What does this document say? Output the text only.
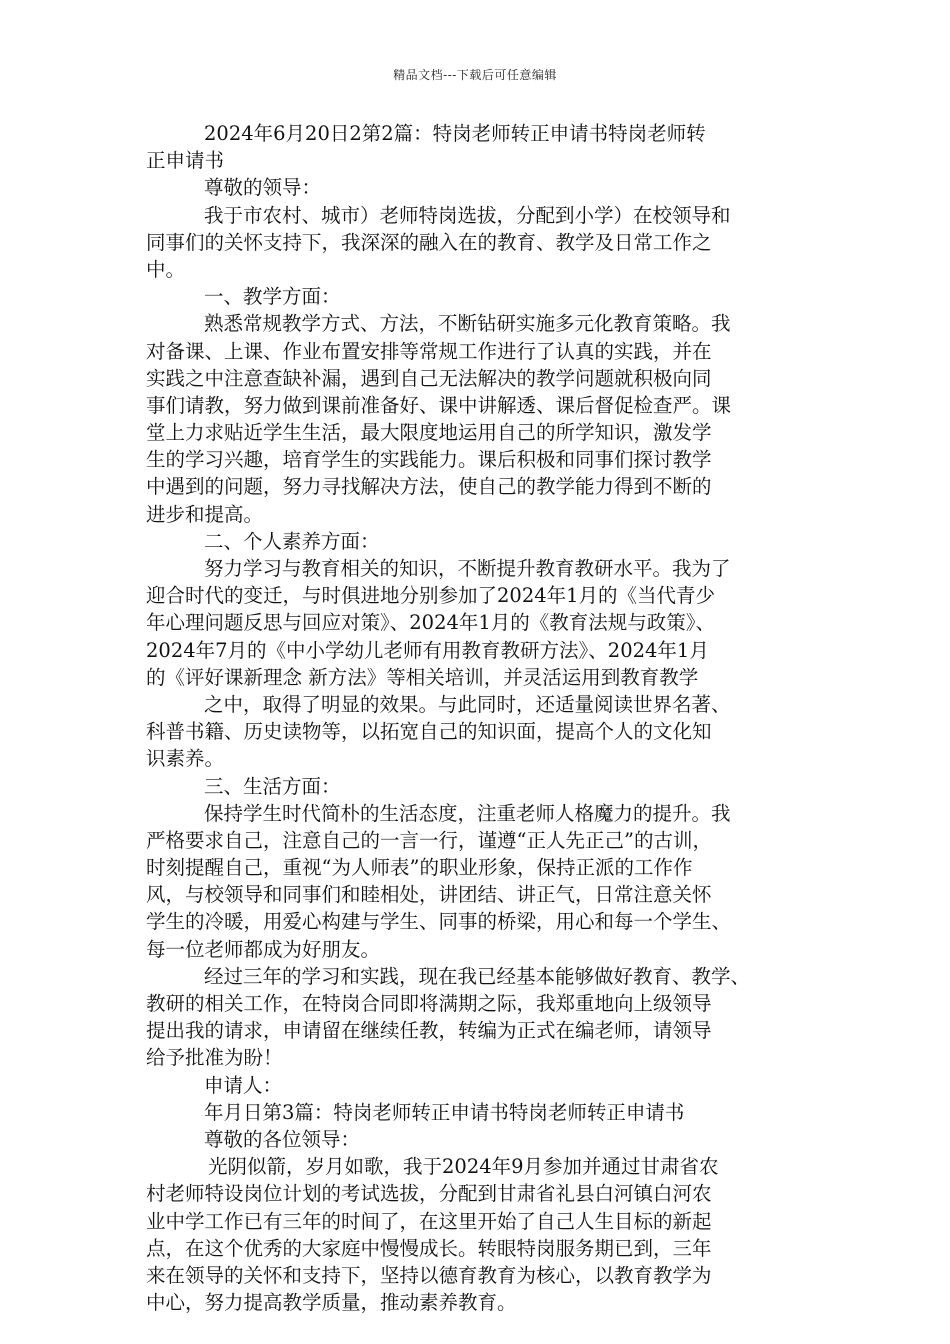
精品文档---下载后可任意编辑
2024年6月20日2第2篇：特岗老师转正申请书特岗老师转
正申请书
尊敬的领导：
我于市农村、城市）老师特岗选拔，分配到小学）在校领导和
同事们的关怀支持下，我深深的融入在的教育、教学及日常工作之
中。
一、教学方面：
熟悉常规教学方式、方法，不断钻研实施多元化教育策略。我
对备课、上课、作业布置安排等常规工作进行了认真的实践，并在
实践之中注意查缺补漏，遇到自己无法解决的教学问题就积极向同
事们请教，努力做到课前准备好、课中讲解透、课后督促检查严。课
堂上力求贴近学生生活，最大限度地运用自己的所学知识，激发学
生的学习兴趣，培育学生的实践能力。课后积极和同事们探讨教学
中遇到的问题，努力寻找解决方法，使自己的教学能力得到不断的
进步和提高。
二、个人素养方面：
努力学习与教育相关的知识，不断提升教育教研水平。我为了
迎合时代的变迁，与时俱进地分别参加了2024年1月的《当代青少
年心理问题反思与回应对策》、2024年1月的《教育法规与政策》、
2024年7月的《中小学幼儿老师有用教育教研方法》、2024年1月
的《评好课新理念 新方法》等相关培训，并灵活运用到教育教学
之中，取得了明显的效果。与此同时，还适量阅读世界名著、
科普书籍、历史读物等，以拓宽自己的知识面，提高个人的文化知
识素养。
三、生活方面：
保持学生时代简朴的生活态度，注重老师人格魔力的提升。我
严格要求自己，注意自己的一言一行，谨遵“正人先正己”的古训，
时刻提醒自己，重视“为人师表”的职业形象，保持正派的工作作
风，与校领导和同事们和睦相处，讲团结、讲正气，日常注意关怀
学生的冷暖，用爱心构建与学生、同事的桥梁，用心和每一个学生、
每一位老师都成为好朋友。
经过三年的学习和实践，现在我已经基本能够做好教育、教学、
教研的相关工作，在特岗合同即将满期之际，我郑重地向上级领导
提出我的请求，申请留在继续任教，转编为正式在编老师，请领导
给予批准为盼！
申请人：
年月日第3篇：特岗老师转正申请书特岗老师转正申请书
尊敬的各位领导：
光阴似箭，岁月如歌，我于2024年9月参加并通过甘肃省农
村老师特设岗位计划的考试选拔，分配到甘肃省礼县白河镇白河农
业中学工作已有三年的时间了，在这里开始了自己人生目标的新起
点，在这个优秀的大家庭中慢慢成长。转眼特岗服务期已到，三年
来在领导的关怀和支持下，坚持以德育教育为核心，以教育教学为
中心，努力提高教学质量，推动素养教育。
